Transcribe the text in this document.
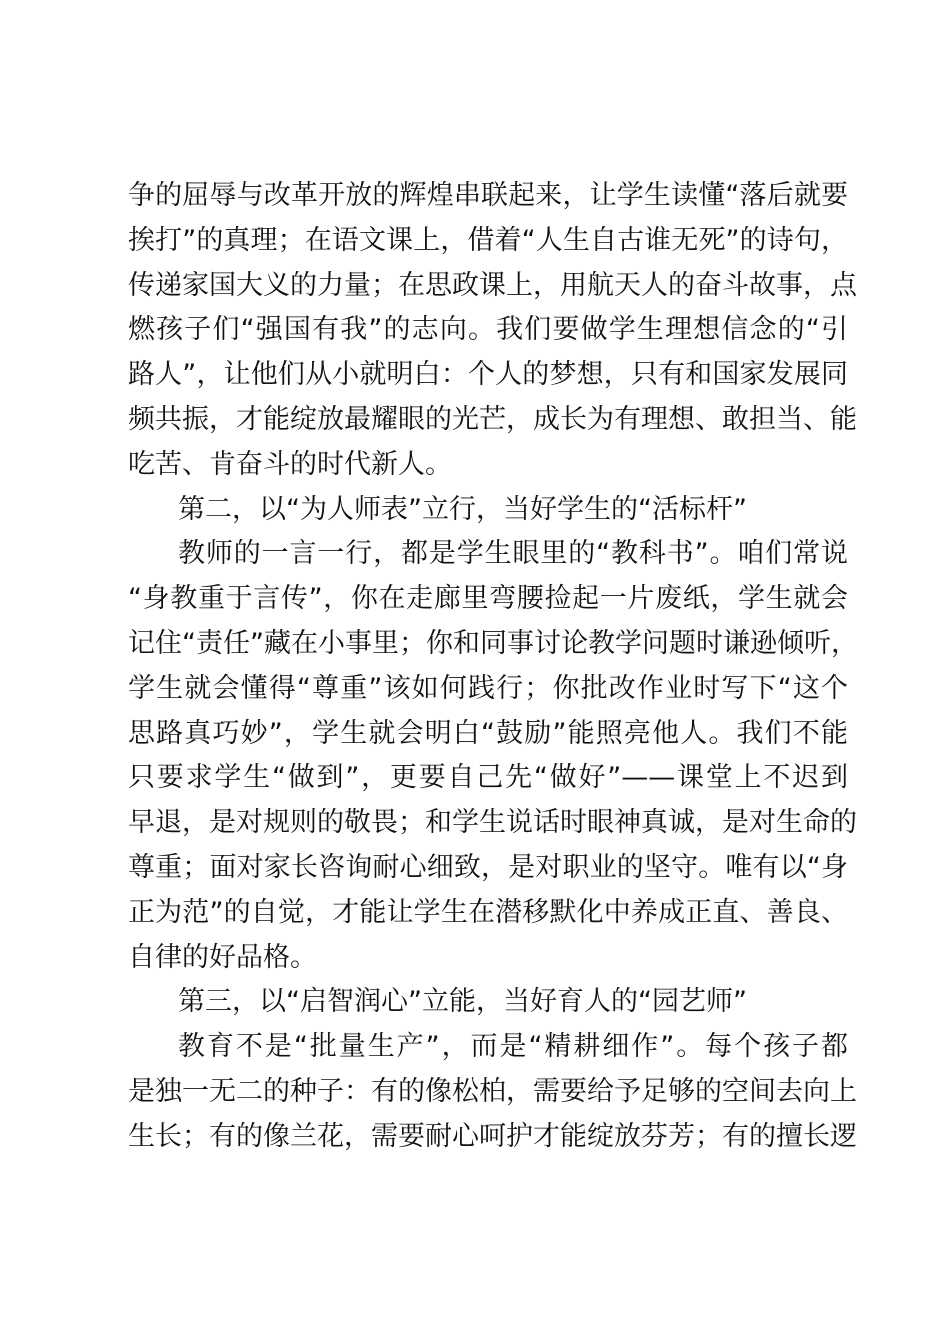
争的屈辱与改革开放的辉煌串联起来，让学生读懂“落后就要
挨打”的真理；在语文课上，借着“人生自古谁无死”的诗句，
传递家国大义的力量；在思政课上，用航天人的奋斗故事，点
燃孩子们“强国有我”的志向。我们要做学生理想信念的“引
路人”，让他们从小就明白：个人的梦想，只有和国家发展同
频共振，才能绽放最耀眼的光芒，成长为有理想、敢担当、能
吃苦、肯奋斗的时代新人。
第二，以“为人师表”立行，当好学生的“活标杆”
教师的一言一行，都是学生眼里的“教科书”。咱们常说
“身教重于言传”，你在走廊里弯腰捡起一片废纸，学生就会
记住“责任”藏在小事里；你和同事讨论教学问题时谦逊倾听，
学生就会懂得“尊重”该如何践行；你批改作业时写下“这个
思路真巧妙”，学生就会明白“鼓励”能照亮他人。我们不能
只要求学生“做到”，更要自己先“做好”——课堂上不迟到
早退，是对规则的敬畏；和学生说话时眼神真诚，是对生命的
尊重；面对家长咨询耐心细致，是对职业的坚守。唯有以“身
正为范”的自觉，才能让学生在潜移默化中养成正直、善良、
自律的好品格。
第三，以“启智润心”立能，当好育人的“园艺师”
教育不是“批量生产”，而是“精耕细作”。每个孩子都
是独一无二的种子：有的像松柏，需要给予足够的空间去向上
生长；有的像兰花，需要耐心呵护才能绽放芬芳；有的擅长逻
